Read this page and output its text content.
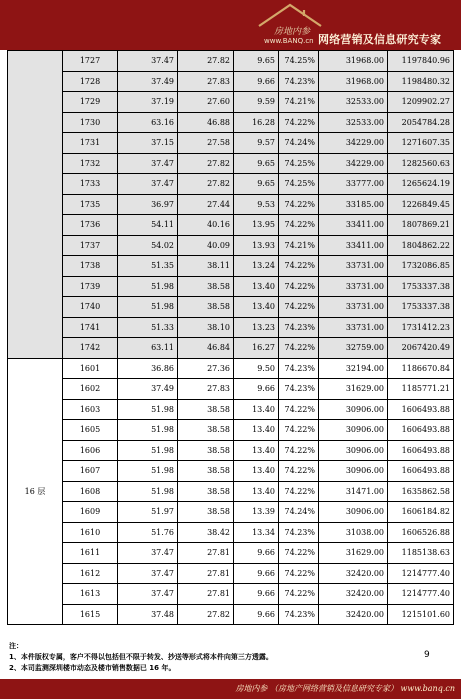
房地内参
www.BANQ.cn 网络营销及信息研究专家
	1727	37.47	27.82	9.65	74.25%	31968.00	1197840.96
	1728	37.49	27.83	9.66	74.23%	31968.00	1198480.32
	1729	37.19	27.60	9.59	74.21%	32533.00	1209902.27
	1730	63.16	46.88	16.28	74.22%	32533.00	2054784.28
	1731	37.15	27.58	9.57	74.24%	34229.00	1271607.35
	1732	37.47	27.82	9.65	74.25%	34229.00	1282560.63
	1733	37.47	27.82	9.65	74.25%	33777.00	1265624.19
	1735	36.97	27.44	9.53	74.22%	33185.00	1226849.45
	1736	54.11	40.16	13.95	74.22%	33411.00	1807869.21
	1737	54.02	40.09	13.93	74.21%	33411.00	1804862.22
	1738	51.35	38.11	13.24	74.22%	33731.00	1732086.85
	1739	51.98	38.58	13.40	74.22%	33731.00	1753337.38
	1740	51.98	38.58	13.40	74.22%	33731.00	1753337.38
	1741	51.33	38.10	13.23	74.23%	33731.00	1731412.23
	1742	63.11	46.84	16.27	74.22%	32759.00	2067420.49
16 层	1601	36.86	27.36	9.50	74.23%	32194.00	1186670.84
	1602	37.49	27.83	9.66	74.23%	31629.00	1185771.21
	1603	51.98	38.58	13.40	74.22%	30906.00	1606493.88
	1605	51.98	38.58	13.40	74.22%	30906.00	1606493.88
	1606	51.98	38.58	13.40	74.22%	30906.00	1606493.88
	1607	51.98	38.58	13.40	74.22%	30906.00	1606493.88
	1608	51.98	38.58	13.40	74.22%	31471.00	1635862.58
	1609	51.97	38.58	13.39	74.24%	30906.00	1606184.82
	1610	51.76	38.42	13.34	74.23%	31038.00	1606526.88
	1611	37.47	27.81	9.66	74.22%	31629.00	1185138.63
	1612	37.47	27.81	9.66	74.22%	32420.00	1214777.40
	1613	37.47	27.81	9.66	74.22%	32420.00	1214777.40
	1615	37.48	27.82	9.66	74.23%	32420.00	1215101.60
注：
1、本件版权专属，客户不得以包括但不限于转发、抄送等形式将本件向第三方透露。
2、本司监测深圳楼市动态及楼市销售数据已 16 年。
9
房地内参 （房地产网络营销及信息研究专家） www.banq.cn
